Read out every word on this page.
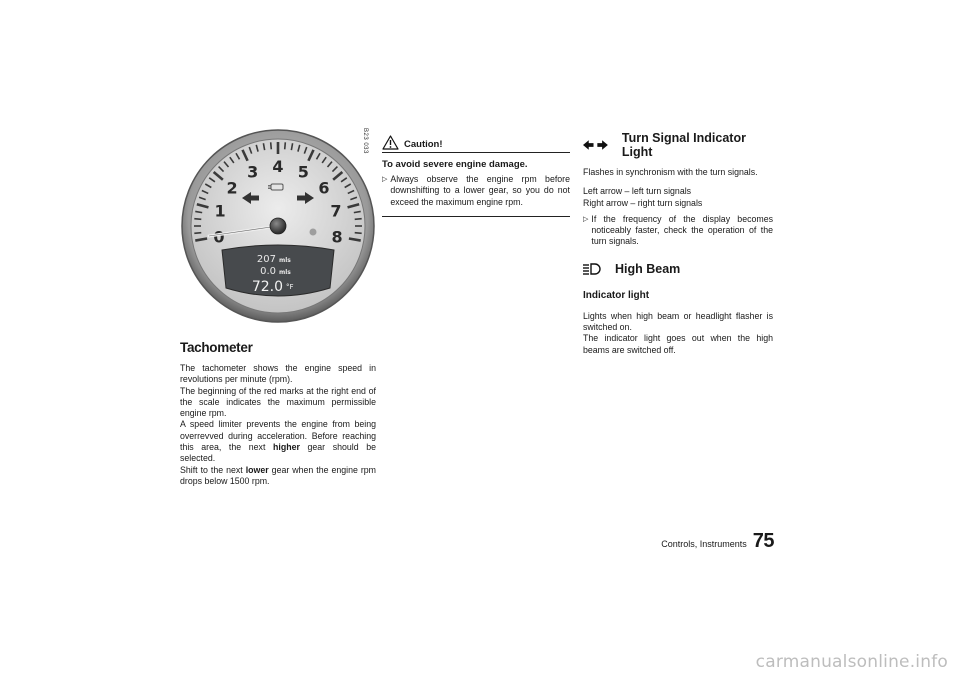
0
1
2
3 4 5
6
7
8
207 mls
0.0 mls
72.0 °F
B23 033
Tachometer

The tachometer shows the engine speed in revolutions per minute (rpm).

The beginning of the red marks at the right end of the scale indicates the maximum permissible engine rpm.

A speed limiter prevents the engine from being overrevved during acceleration. Before reaching this area, the next higher gear should be selected.

Shift to the next lower gear when the engine rpm drops below 1500 rpm.

Caution!
To avoid severe engine damage.
▷ Always observe the engine rpm before downshifting to a lower gear, so you do not exceed the maximum engine rpm.
Turn Signal Indicator Light

Flashes in synchronism with the turn signals.

Left arrow – left turn signals

Right arrow – right turn signals

▷ If the frequency of the display becomes noticeably faster, check the operation of the turn signals.
High Beam
Indicator light

Lights when high beam or headlight flasher is switched on.

The indicator light goes out when the high beams are switched off.

Controls, Instruments 75
carmanualsonline.info
